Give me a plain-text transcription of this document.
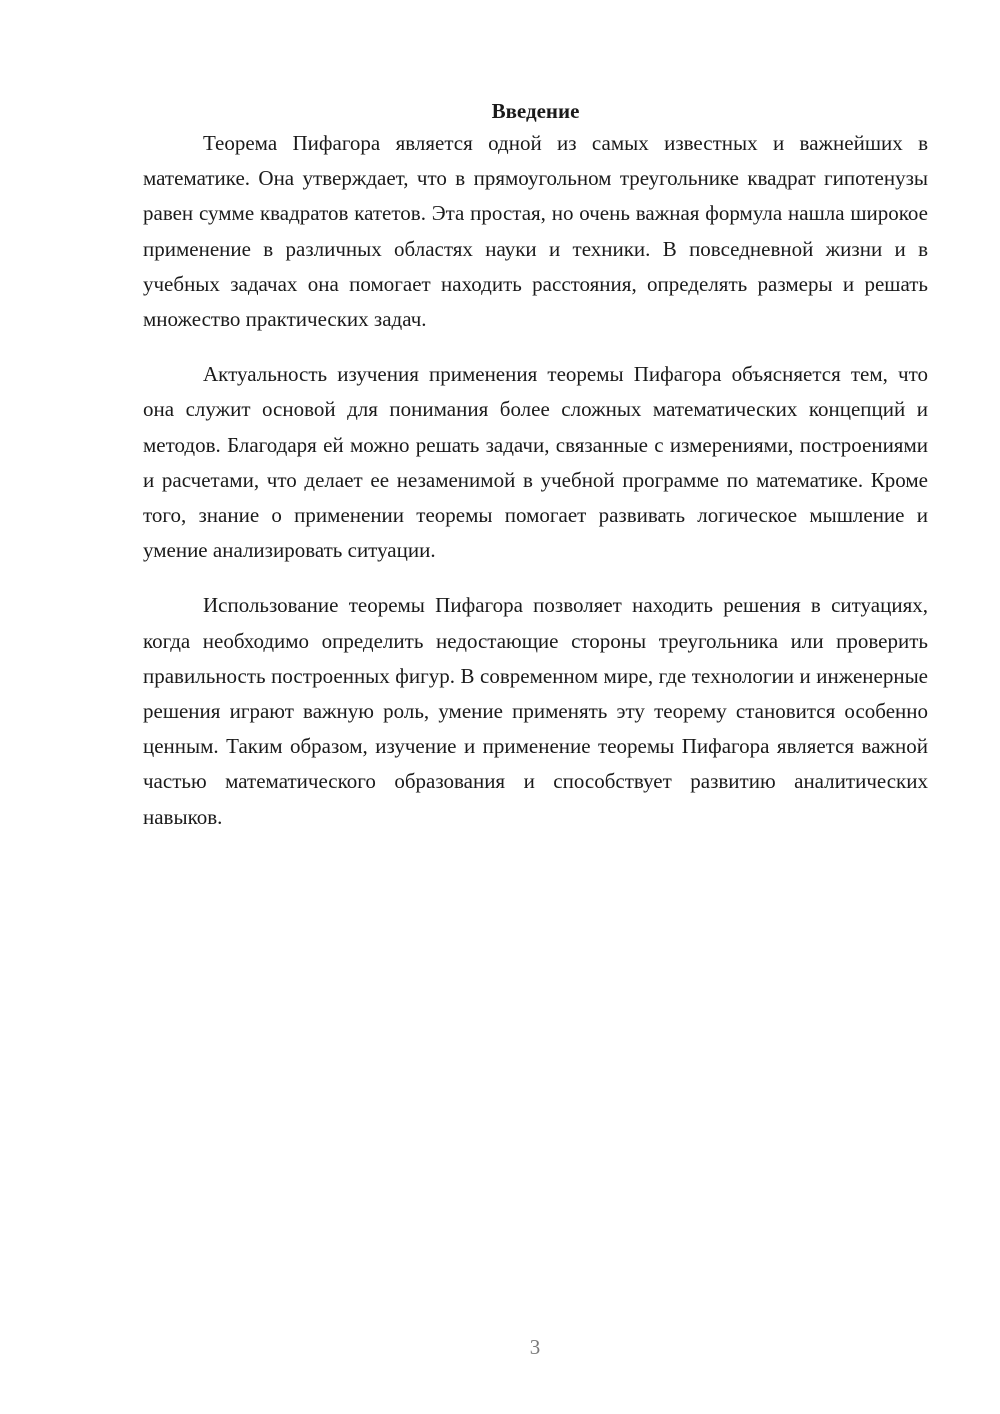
Введение

Теорема Пифагора является одной из самых известных и важнейших в математике. Она утверждает, что в прямоугольном треугольнике квадрат гипотенузы равен сумме квадратов катетов. Эта простая, но очень важная формула нашла широкое применение в различных областях науки и техники. В повседневной жизни и в учебных задачах она помогает находить расстояния, определять размеры и решать множество практических задач.

Актуальность изучения применения теоремы Пифагора объясняется тем, что она служит основой для понимания более сложных математических концепций и методов. Благодаря ей можно решать задачи, связанные с измерениями, построениями и расчетами, что делает ее незаменимой в учебной программе по математике. Кроме того, знание о применении теоремы помогает развивать логическое мышление и умение анализировать ситуации.

Использование теоремы Пифагора позволяет находить решения в ситуациях, когда необходимо определить недостающие стороны треугольника или проверить правильность построенных фигур. В современном мире, где технологии и инженерные решения играют важную роль, умение применять эту теорему становится особенно ценным. Таким образом, изучение и применение теоремы Пифагора является важной частью математического образования и способствует развитию аналитических навыков.

3
